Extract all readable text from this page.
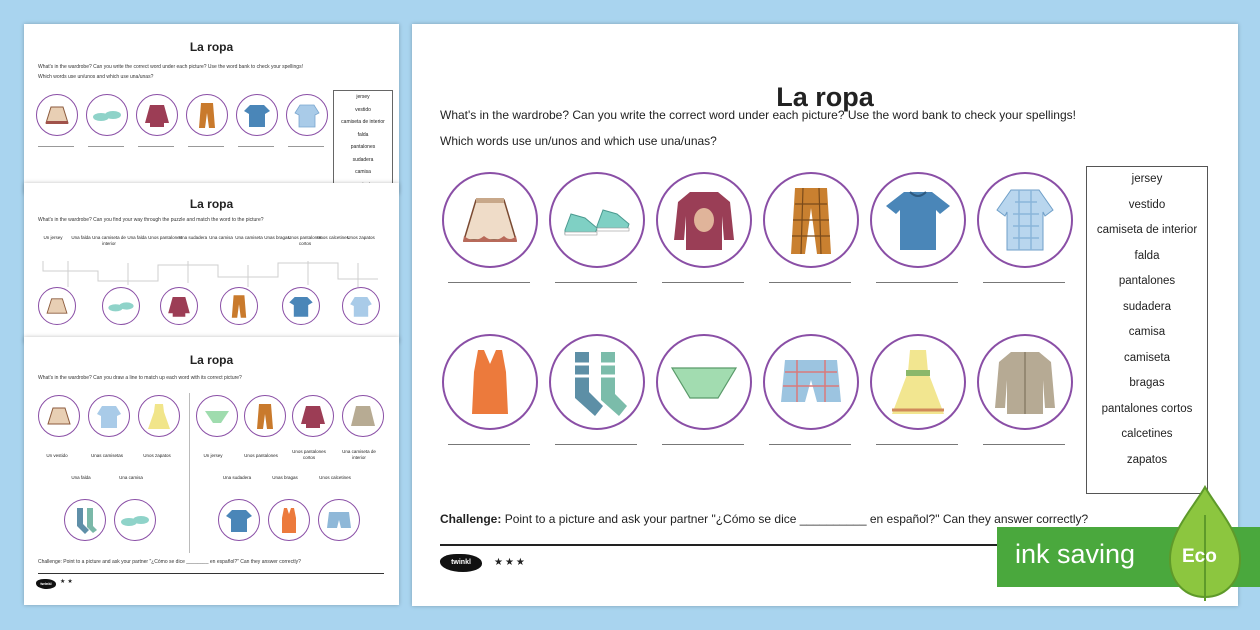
La ropa
What's in the wardrobe? Can you write the correct word under each picture? Use the word bank to check your spellings!
Which words use un/unos and which use una/unas?
jersey
vestido
camiseta de interior
falda
pantalones
sudadera
camisa
La ropa
What's in the wardrobe? Can you find your way through the puzzle and match the word to the picture?
Un jersey	Una falda Una camiseta de interior
Una falda Unos pantalones
Una sudadera Una camisa Una camiseta Unas bragas
Unos pantalones cortos
Unos calcetines
Unos zapatos
La ropa
What's in the wardrobe? Can you draw a line to match up each word with its correct picture?
Un vestido	Unas camisetas	Unos zapatos
Una falda	Una camisa
Un jersey	Unos pantalones
Unos pantalones cortos
Una camiseta de interior
Una sudadera	Unas bragas	Unos calcetines
Challenge: Point to a picture and ask your partner "¿Cómo se dice ________ en español?" Can they answer correctly?
twinkl	★★
La ropa
What's in the wardrobe? Can you write the correct word under each picture? Use the word bank to check your spellings!
Which words use un/unos and which use una/unas?
jersey
vestido
camiseta de interior
falda
pantalones
sudadera
camisa
camiseta
bragas
pantalones cortos
calcetines
zapatos
Challenge: Point to a picture and ask your partner "¿Cómo se dice __________ en español?" Can they answer correctly?
twinkl	★★★	ink saving Eco
